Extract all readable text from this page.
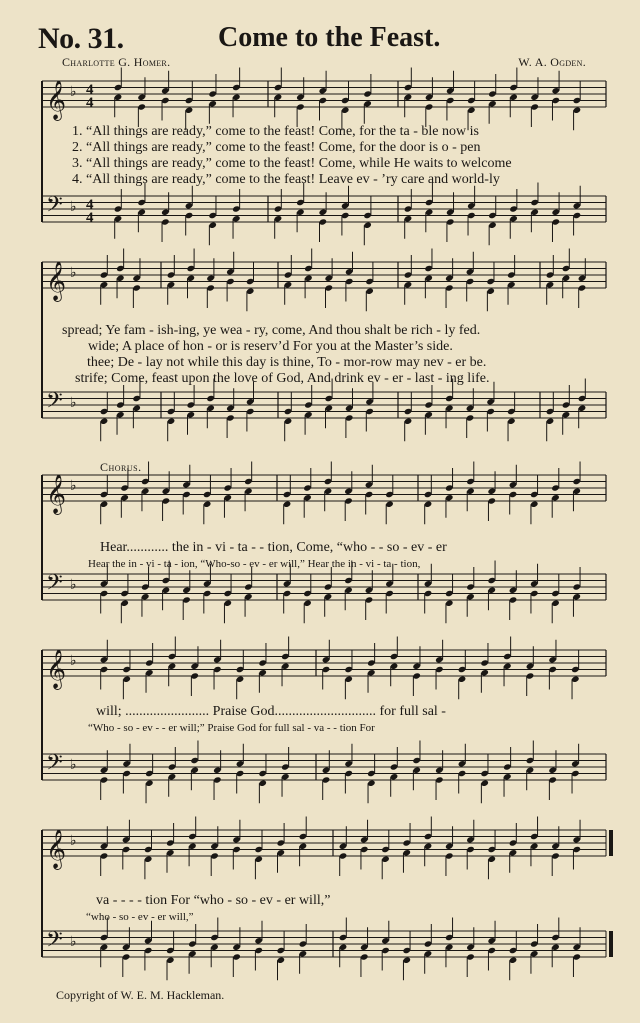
No. 31.	Come to the Feast.
Charlotte G. Homer.	W. A. Ogden.
𝄞 ♭ 4
4
𝄢 ♭ 4
4
𝄞 ♭
𝄢 ♭
𝄞 ♭
𝄢 ♭
𝄞 ♭
𝄢 ♭
𝄞 ♭
𝄢 ♭
1. “All things are ready,” come to the feast! Come, for the ta - ble now is
2. “All things are ready,” come to the feast! Come, for the door is o - pen
3. “All things are ready,” come to the feast! Come, while He waits to welcome
4. “All things are ready,” come to the feast! Leave ev - ’ry care and world-ly
spread; Ye fam - ish-ing, ye wea - ry, come, And thou shalt be rich - ly fed.
wide; A place of hon - or is reserv’d For you at the Master’s side.
thee; De - lay not while this day is thine, To - mor-row may nev - er be.
strife; Come, feast upon the love of God, And drink ev - er - last - ing life.
Chorus.
Hear............ the in - vi - ta - - tion, Come, “who - - so - ev - er
Hear the in - vi - ta - ion, “Who-so - ev - er will,” Hear the in - vi - ta - tion,
will; ........................ Praise God............................. for full sal -
“Who - so - ev - - er will;” Praise God for full sal - va - - tion For
va - - - - tion For “who - so - ev - er will,”
“who - so - ev - er will,”
Copyright of W. E. M. Hackleman.
